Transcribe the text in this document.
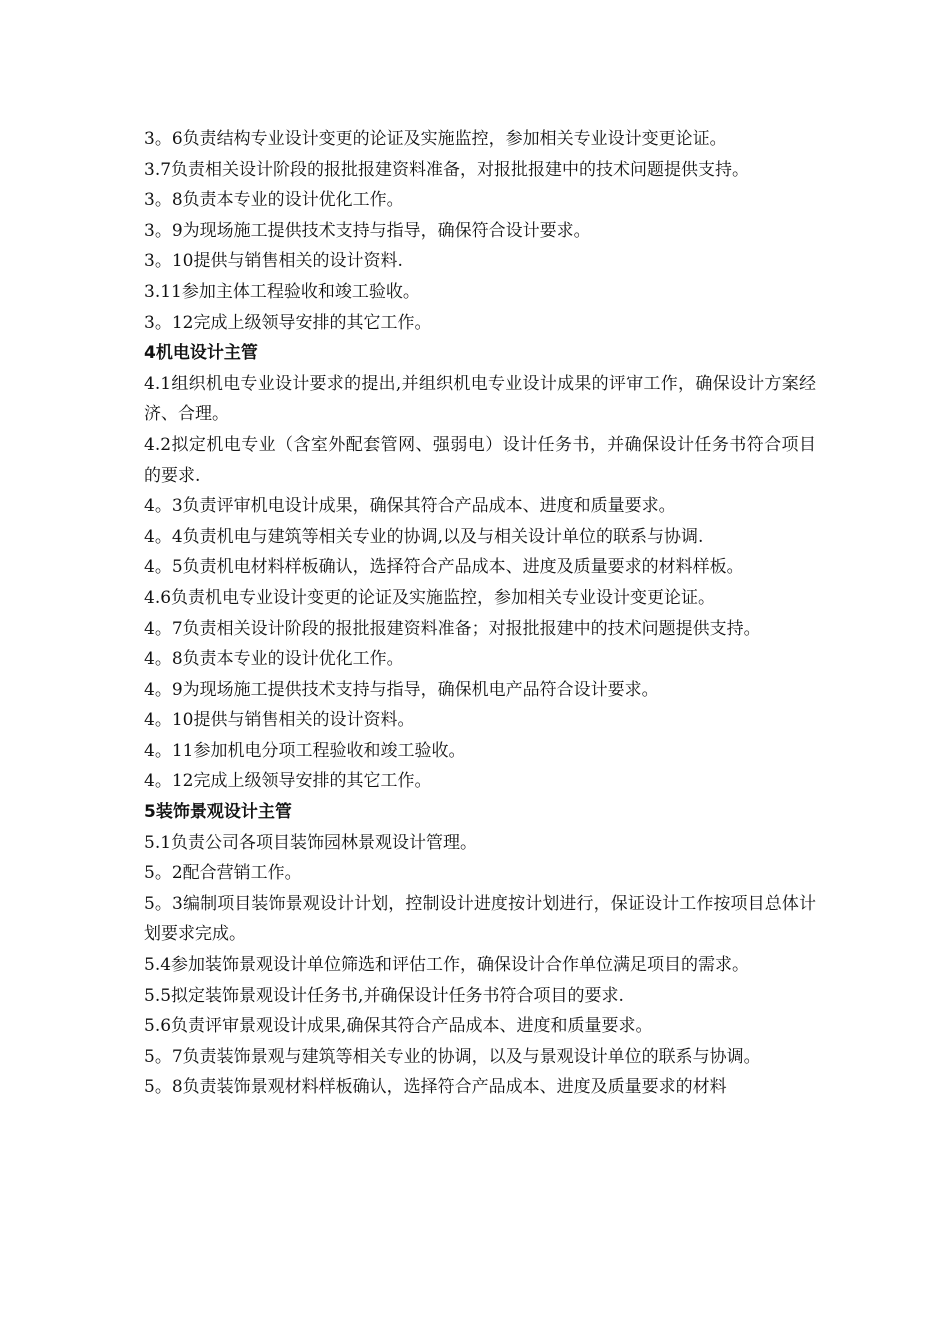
3。6负责结构专业设计变更的论证及实施监控，参加相关专业设计变更论证。

3.7负责相关设计阶段的报批报建资料准备，对报批报建中的技术问题提供支持。

3。8负责本专业的设计优化工作。

3。9为现场施工提供技术支持与指导，确保符合设计要求。

3。10提供与销售相关的设计资料.

3.11参加主体工程验收和竣工验收。

3。12完成上级领导安排的其它工作。

4机电设计主管

4.1组织机电专业设计要求的提出,并组织机电专业设计成果的评审工作，确保设计方案经济、合理。

4.2拟定机电专业（含室外配套管网、强弱电）设计任务书，并确保设计任务书符合项目的要求.

4。3负责评审机电设计成果，确保其符合产品成本、进度和质量要求。

4。4负责机电与建筑等相关专业的协调,以及与相关设计单位的联系与协调.

4。5负责机电材料样板确认，选择符合产品成本、进度及质量要求的材料样板。

4.6负责机电专业设计变更的论证及实施监控，参加相关专业设计变更论证。

4。7负责相关设计阶段的报批报建资料准备；对报批报建中的技术问题提供支持。

4。8负责本专业的设计优化工作。

4。9为现场施工提供技术支持与指导，确保机电产品符合设计要求。

4。10提供与销售相关的设计资料。

4。11参加机电分项工程验收和竣工验收。

4。12完成上级领导安排的其它工作。

5装饰景观设计主管

5.1负责公司各项目装饰园林景观设计管理。

5。2配合营销工作。

5。3编制项目装饰景观设计计划，控制设计进度按计划进行，保证设计工作按项目总体计划要求完成。

5.4参加装饰景观设计单位筛选和评估工作，确保设计合作单位满足项目的需求。

5.5拟定装饰景观设计任务书,并确保设计任务书符合项目的要求.

5.6负责评审景观设计成果,确保其符合产品成本、进度和质量要求。

5。7负责装饰景观与建筑等相关专业的协调，以及与景观设计单位的联系与协调。

5。8负责装饰景观材料样板确认，选择符合产品成本、进度及质量要求的材料
